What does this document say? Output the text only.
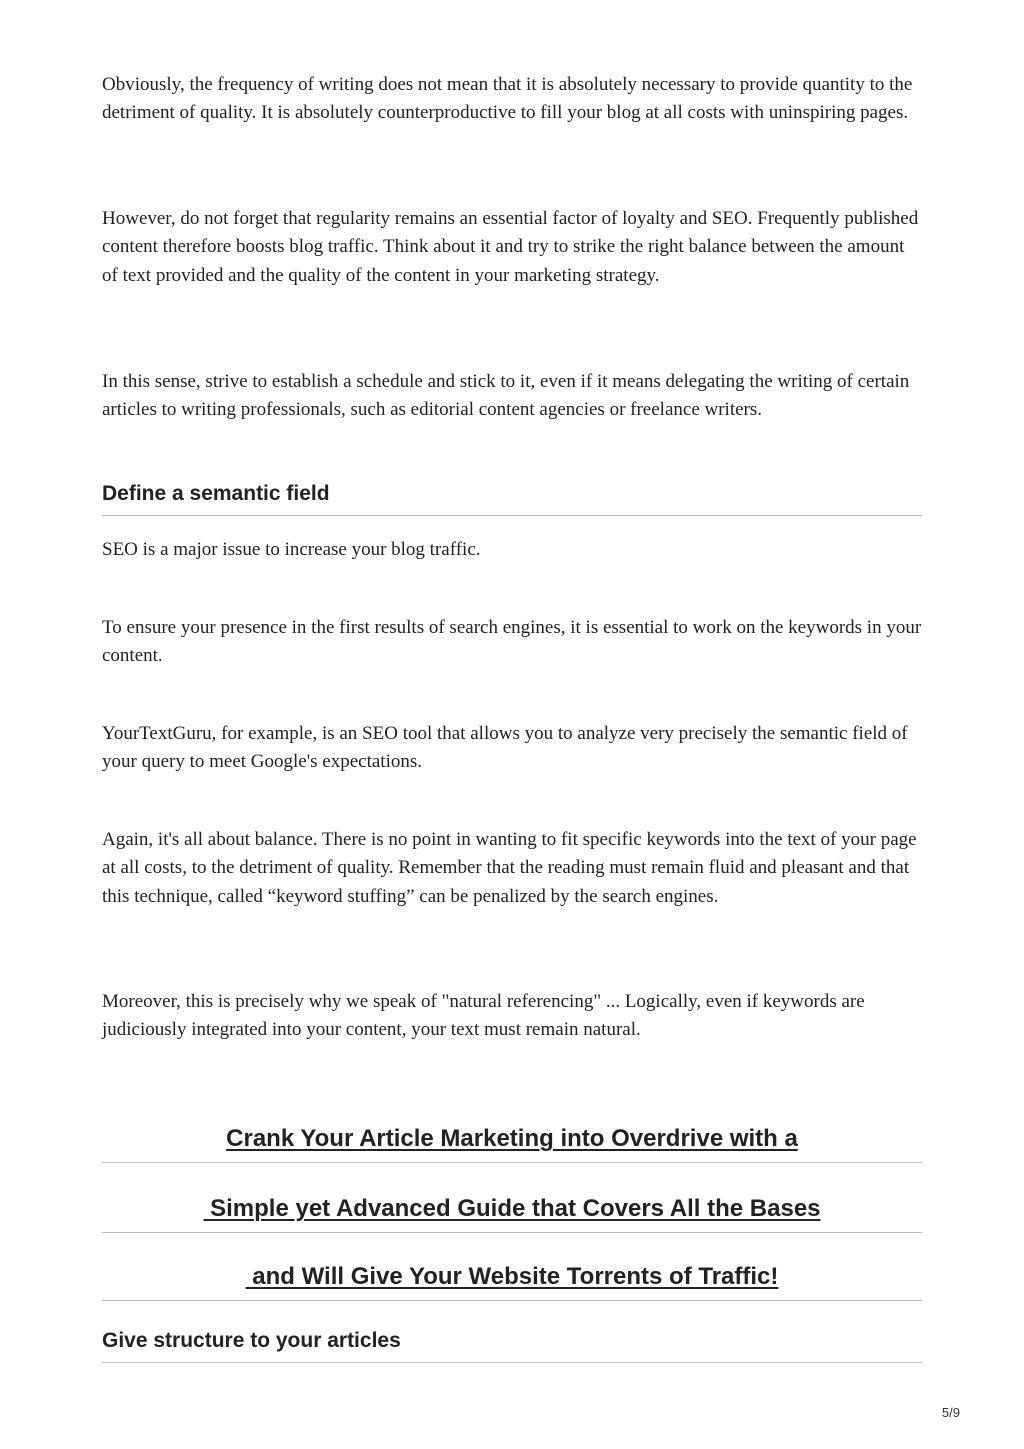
Obviously, the frequency of writing does not mean that it is absolutely necessary to provide quantity to the detriment of quality. It is absolutely counterproductive to fill your blog at all costs with uninspiring pages.

However, do not forget that regularity remains an essential factor of loyalty and SEO. Frequently published content therefore boosts blog traffic. Think about it and try to strike the right balance between the amount of text provided and the quality of the content in your marketing strategy.

In this sense, strive to establish a schedule and stick to it, even if it means delegating the writing of certain articles to writing professionals, such as editorial content agencies or freelance writers.

Define a semantic field

SEO is a major issue to increase your blog traffic.

To ensure your presence in the first results of search engines, it is essential to work on the keywords in your content.

YourTextGuru, for example, is an SEO tool that allows you to analyze very precisely the semantic field of your query to meet Google's expectations.

Again, it's all about balance. There is no point in wanting to fit specific keywords into the text of your page at all costs, to the detriment of quality. Remember that the reading must remain fluid and pleasant and that this technique, called “keyword stuffing” can be penalized by the search engines.

Moreover, this is precisely why we speak of "natural referencing" ... Logically, even if keywords are judiciously integrated into your content, your text must remain natural.

Crank Your Article Marketing into Overdrive with a
Simple yet Advanced Guide that Covers All the Bases
and Will Give Your Website Torrents of Traffic!
Give structure to your articles
5/9
